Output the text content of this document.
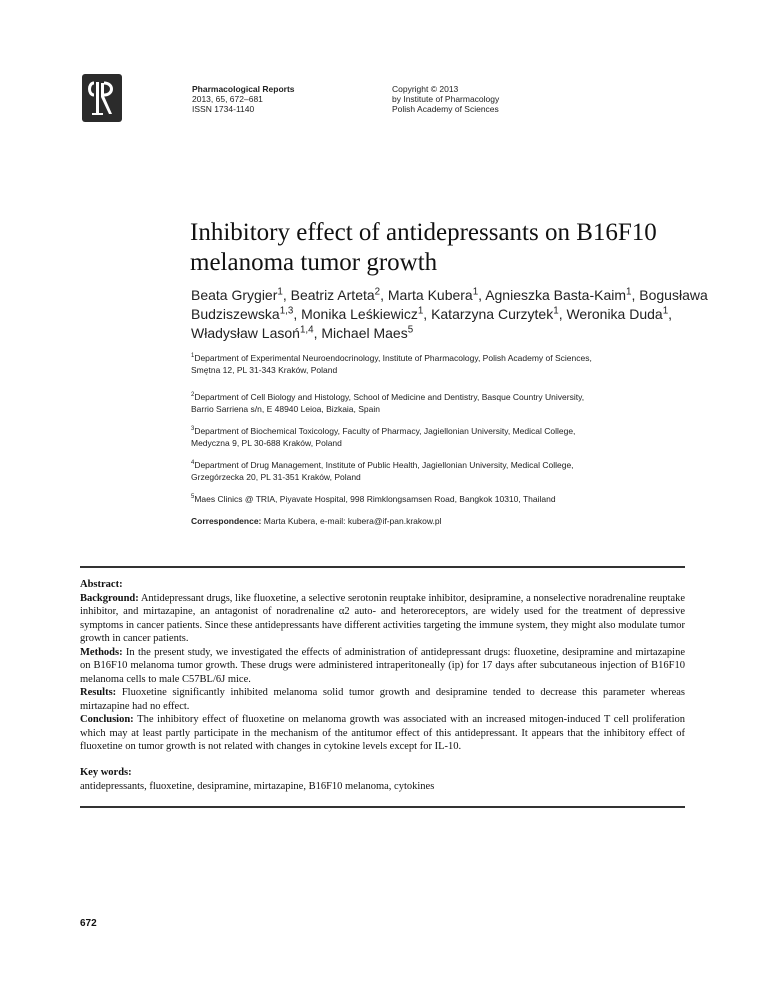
Pharmacological Reports
2013, 65, 672–681
ISSN 1734-1140
Copyright © 2013
by Institute of Pharmacology
Polish Academy of Sciences
Inhibitory effect of antidepressants on B16F10 melanoma tumor growth
Beata Grygier$^1$, Beatriz Arteta$^2$, Marta Kubera$^1$, Agnieszka Basta-Kaim$^1$, Bogusława Budziszewska$^{1,3}$, Monika Leśkiewicz$^1$, Katarzyna Curzytek$^1$, Weronika Duda$^1$, Władysław Lasoń$^{1,4}$, Michael Maes$^5$
$^1$Department of Experimental Neuroendocrinology, Institute of Pharmacology, Polish Academy of Sciences,
Smętna 12, PL 31-343 Kraków, Poland
$^2$Department of Cell Biology and Histology, School of Medicine and Dentistry, Basque Country University,
Barrio Sarriena s/n, E 48940 Leioa, Bizkaia, Spain
$^3$Department of Biochemical Toxicology, Faculty of Pharmacy, Jagiellonian University, Medical College,
Medyczna 9, PL 30-688 Kraków, Poland
$^4$Department of Drug Management, Institute of Public Health, Jagiellonian University, Medical College,
Grzegórzecka 20, PL 31-351 Kraków, Poland
$^5$Maes Clinics @ TRIA, Piyavate Hospital, 998 Rimklongsamsen Road, Bangkok 10310, Thailand
Correspondence: Marta Kubera, e-mail: kubera@if-pan.krakow.pl

Abstract:

Background: Antidepressant drugs, like fluoxetine, a selective serotonin reuptake inhibitor, desipramine, a nonselective noradrenaline reuptake inhibitor, and mirtazapine, an antagonist of noradrenaline α2 auto- and heteroreceptors, are widely used for the treatment of depressive symptoms in cancer patients. Since these antidepressants have different activities targeting the immune system, they might also modulate tumor growth in cancer patients.

Methods: In the present study, we investigated the effects of administration of antidepressant drugs: fluoxetine, desipramine and mirtazapine on B16F10 melanoma tumor growth. These drugs were administered intraperitoneally (ip) for 17 days after subcutaneous injection of B16F10 melanoma cells to male C57BL/6J mice.

Results: Fluoxetine significantly inhibited melanoma solid tumor growth and desipramine tended to decrease this parameter whereas mirtazapine had no effect.

Conclusion: The inhibitory effect of fluoxetine on melanoma growth was associated with an increased mitogen-induced T cell proliferation which may at least partly participate in the mechanism of the antitumor effect of this antidepressant. It appears that the inhibitory effect of fluoxetine on tumor growth is not related with changes in cytokine levels except for IL-10.

Key words:
antidepressants, fluoxetine, desipramine, mirtazapine, B16F10 melanoma, cytokines
672
